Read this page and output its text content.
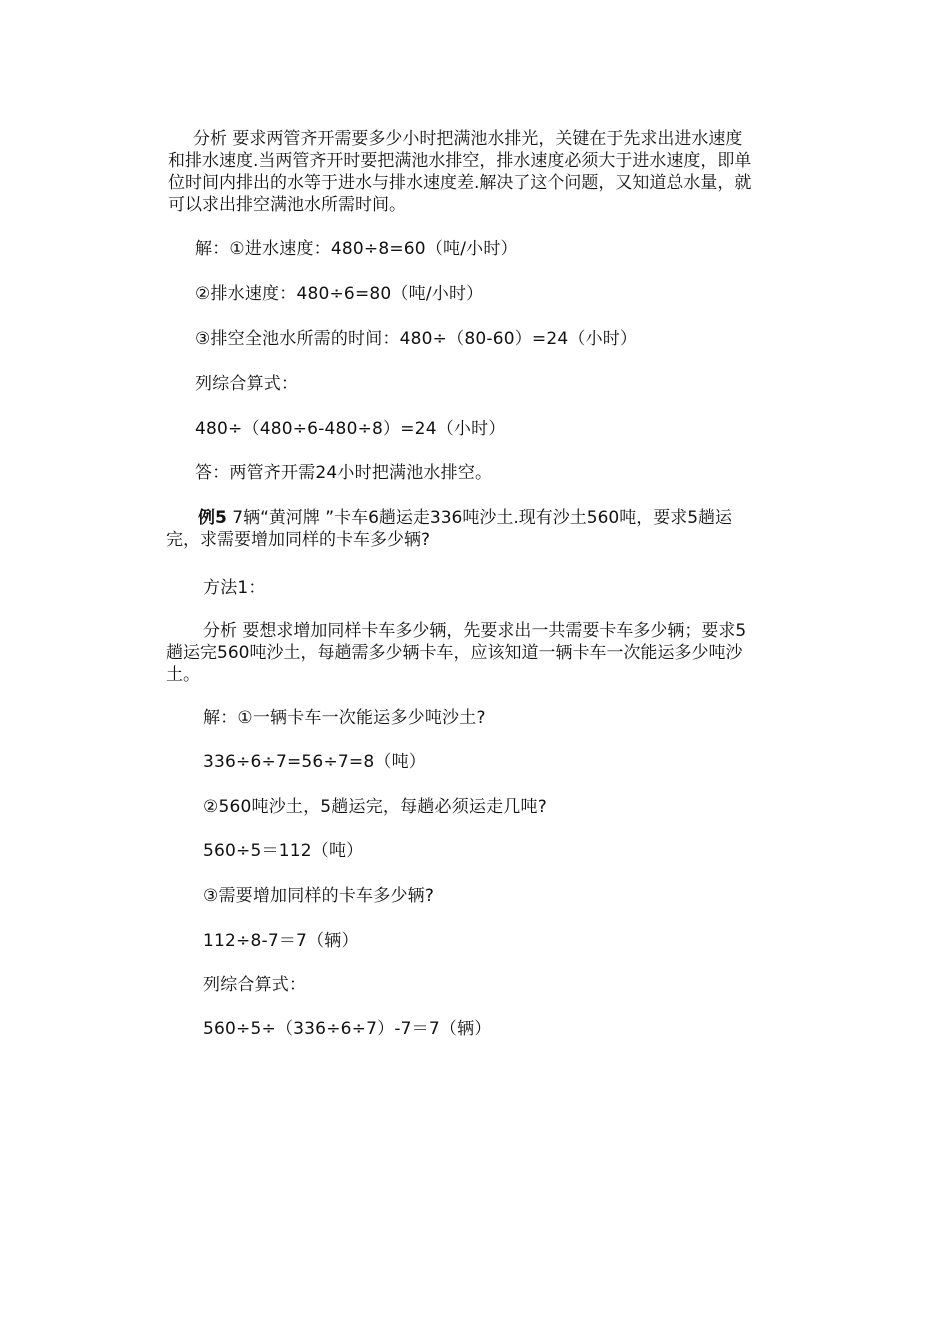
分析 要求两管齐开需要多少小时把满池水排光，关键在于先求出进水速度
和排水速度.当两管齐开时要把满池水排空，排水速度必须大于进水速度，即单
位时间内排出的水等于进水与排水速度差.解决了这个问题，又知道总水量，就
可以求出排空满池水所需时间。
解：①进水速度：480÷8=60（吨/小时）
②排水速度：480÷6=80（吨/小时）
③排空全池水所需的时间：480÷（80-60）=24（小时）
列综合算式：
480÷（480÷6-480÷8）=24（小时）
答：两管齐开需24小时把满池水排空。
例5 7辆“黄河牌 ”卡车6趟运走336吨沙土.现有沙土560吨，要求5趟运
完，求需要增加同样的卡车多少辆?
方法1：
分析 要想求增加同样卡车多少辆，先要求出一共需要卡车多少辆；要求5
趟运完560吨沙土，每趟需多少辆卡车，应该知道一辆卡车一次能运多少吨沙
土。
解：①一辆卡车一次能运多少吨沙土?
336÷6÷7=56÷7=8（吨）
②560吨沙土，5趟运完，每趟必须运走几吨?
560÷5＝112（吨）
③需要增加同样的卡车多少辆?
112÷8-7＝7（辆）
列综合算式：
560÷5÷（336÷6÷7）-7＝7（辆）
